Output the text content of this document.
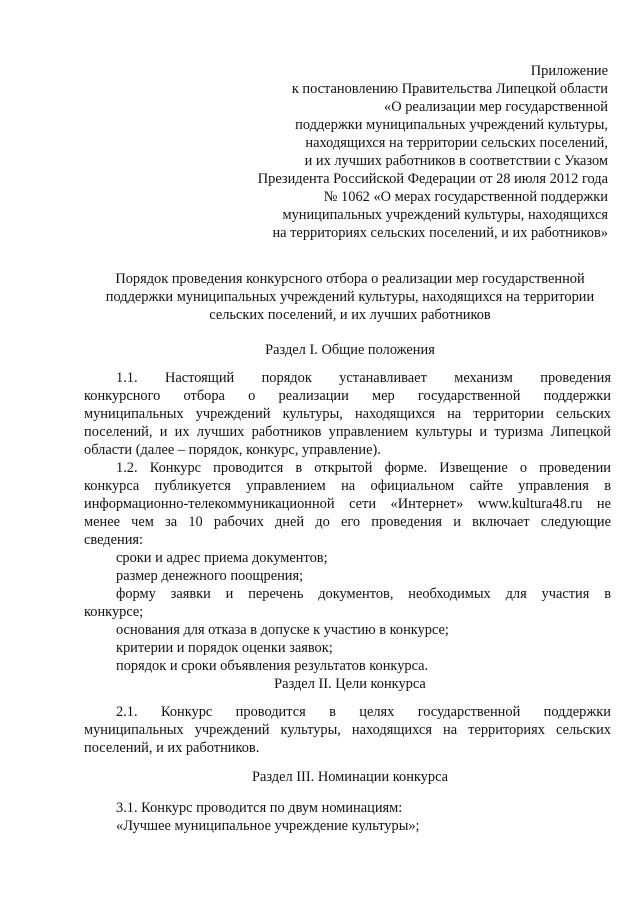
Приложение
к постановлению Правительства Липецкой области
«О реализации мер государственной
поддержки муниципальных учреждений культуры,
находящихся на территории сельских поселений,
и их лучших работников в соответствии с Указом
Президента Российской Федерации от 28 июля 2012 года
№ 1062 «О мерах государственной поддержки
муниципальных учреждений культуры, находящихся
на территориях сельских поселений, и их работников»
Порядок проведения конкурсного отбора о реализации мер государственной
поддержки муниципальных учреждений культуры, находящихся на территории
сельских поселений, и их лучших работников
Раздел I. Общие положения
1.1. Настоящий порядок устанавливает механизм проведения
конкурсного отбора о реализации мер государственной поддержки
муниципальных учреждений культуры, находящихся на территории сельских
поселений, и их лучших работников управлением культуры и туризма Липецкой
области (далее – порядок, конкурс, управление).
1.2. Конкурс проводится в открытой форме. Извещение о проведении
конкурса публикуется управлением на официальном сайте управления в
информационно-телекоммуникационной сети «Интернет» www.kultura48.ru не
менее чем за 10 рабочих дней до его проведения и включает следующие
сведения:
сроки и адрес приема документов;
размер денежного поощрения;
форму заявки и перечень документов, необходимых для участия в
конкурсе;
основания для отказа в допуске к участию в конкурсе;
критерии и порядок оценки заявок;
порядок и сроки объявления результатов конкурса.
Раздел II. Цели конкурса
2.1. Конкурс проводится в целях государственной поддержки
муниципальных учреждений культуры, находящихся на территориях сельских
поселений, и их работников.
Раздел III. Номинации конкурса
3.1. Конкурс проводится по двум номинациям:
«Лучшее муниципальное учреждение культуры»;
